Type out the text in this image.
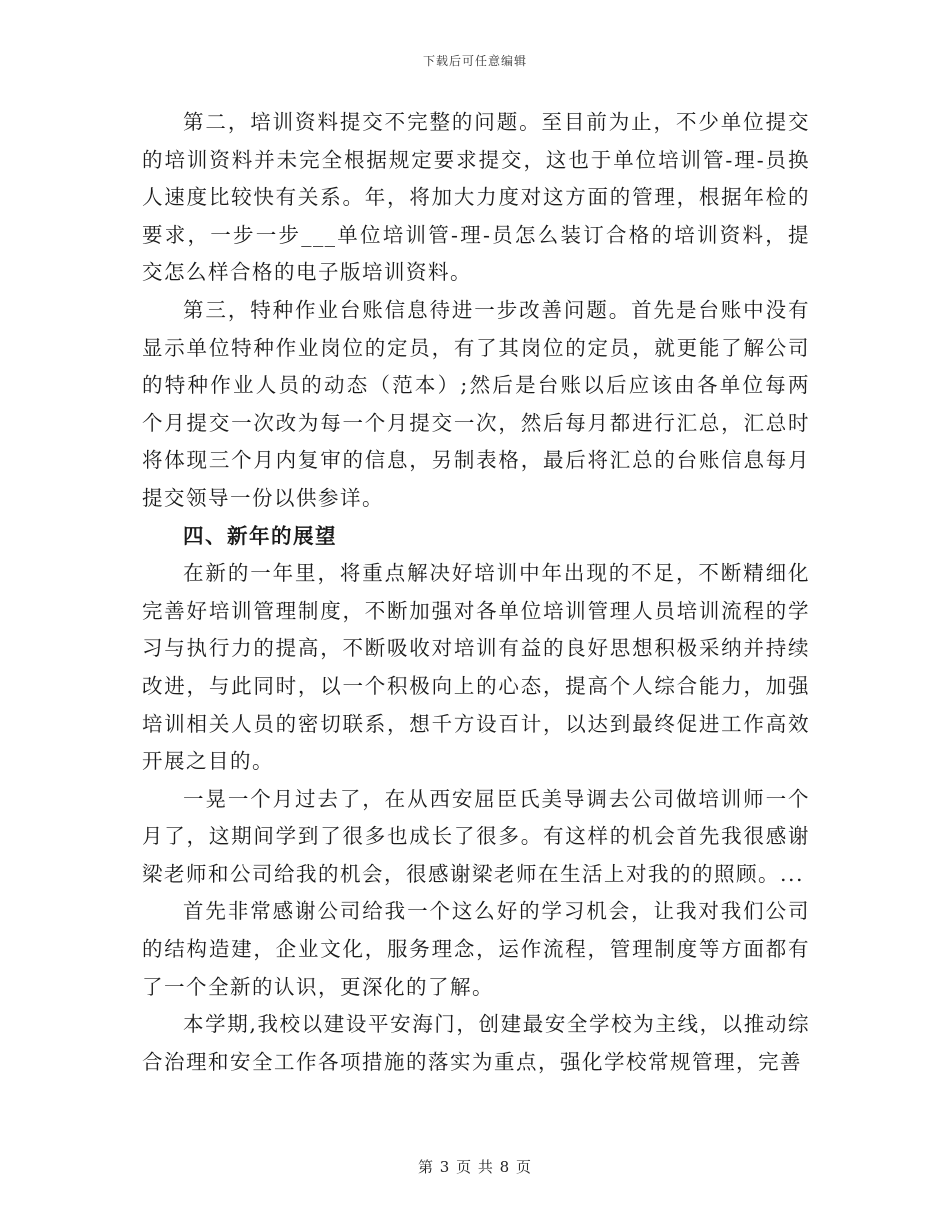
下载后可任意编辑

第二，培训资料提交不完整的问题。至目前为止，不少单位提交的培训资料并未完全根据规定要求提交，这也于单位培训管-理-员换人速度比较快有关系。年，将加大力度对这方面的管理，根据年检的要求，一步一步___单位培训管-理-员怎么装订合格的培训资料，提交怎么样合格的电子版培训资料。

第三，特种作业台账信息待进一步改善问题。首先是台账中没有显示单位特种作业岗位的定员，有了其岗位的定员，就更能了解公司的特种作业人员的动态（范本）;然后是台账以后应该由各单位每两个月提交一次改为每一个月提交一次，然后每月都进行汇总，汇总时将体现三个月内复审的信息，另制表格，最后将汇总的台账信息每月提交领导一份以供参详。

四、新年的展望

在新的一年里，将重点解决好培训中年出现的不足，不断精细化完善好培训管理制度，不断加强对各单位培训管理人员培训流程的学习与执行力的提高，不断吸收对培训有益的良好思想积极采纳并持续改进，与此同时，以一个积极向上的心态，提高个人综合能力，加强培训相关人员的密切联系，想千方设百计，以达到最终促进工作高效开展之目的。

一晃一个月过去了，在从西安屈臣氏美导调去公司做培训师一个月了，这期间学到了很多也成长了很多。有这样的机会首先我很感谢梁老师和公司给我的机会，很感谢梁老师在生活上对我的的照顾。...

首先非常感谢公司给我一个这么好的学习机会，让我对我们公司的结构造建，企业文化，服务理念，运作流程，管理制度等方面都有了一个全新的认识，更深化的了解。

本学期,我校以建设平安海门，创建最安全学校为主线，以推动综合治理和安全工作各项措施的落实为重点，强化学校常规管理，完善

第 3 页 共 8 页
